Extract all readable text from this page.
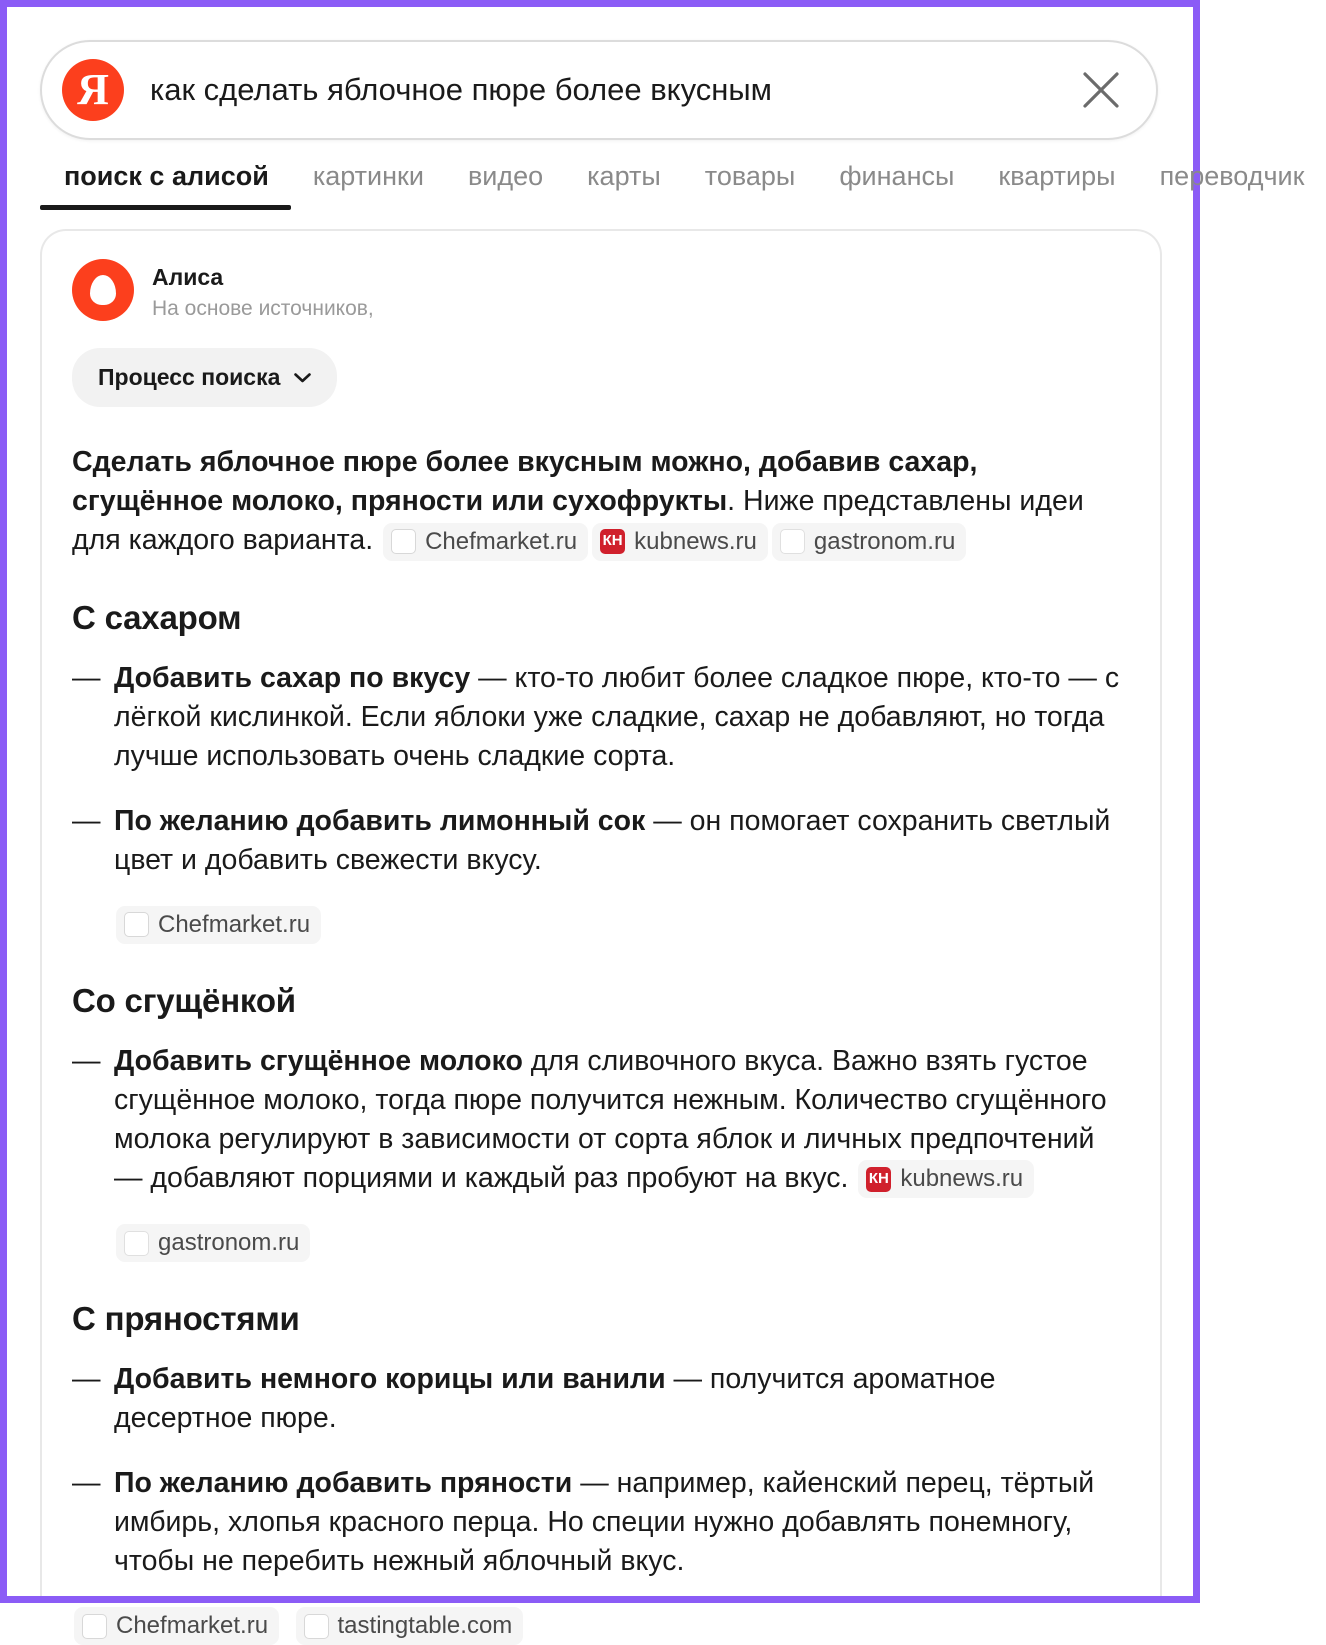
Я
как сделать яблочное пюре более вкусным
поиск с алисой	картинки	видео	карты	товары	финансы	квартиры	переводчик
Алиса
На основе источников,
Процесс поиска

Сделать яблочное пюре более вкусным можно, добавив сахар, сгущённое молоко, пряности или сухофрукты. Ниже представлены идеи для каждого варианта.	Ш Chefmarket.ru КН kubnews.ru	★ gastronom.ru

С сахаром
— Добавить сахар по вкусу — кто-то любит более сладкое пюре, кто-то — с лёгкой кислинкой. Если яблоки уже сладкие, сахар не добавляют, но тогда лучше использовать очень сладкие сорта.
— По желанию добавить лимонный сок — он помогает сохранить светлый цвет и добавить свежести вкусу.
Ш Chefmarket.ru
Со сгущёнкой
— Добавить сгущённое молоко для сливочного вкуса. Важно взять густое сгущённое молоко, тогда пюре получится нежным. Количество сгущённого молока регулируют в зависимости от сорта яблок и личных предпочтений — добавляют порциями и каждый раз пробуют на вкус. КН kubnews.ru
★ gastronom.ru
С пряностями
— Добавить немного корицы или ванили — получится ароматное десертное пюре.
— По желанию добавить пряности — например, кайенский перец, тёртый имбирь, хлопья красного перца. Но специи нужно добавлять понемногу, чтобы не перебить нежный яблочный вкус.
Ш Chefmarket.ru
	T. tastingtable.com
